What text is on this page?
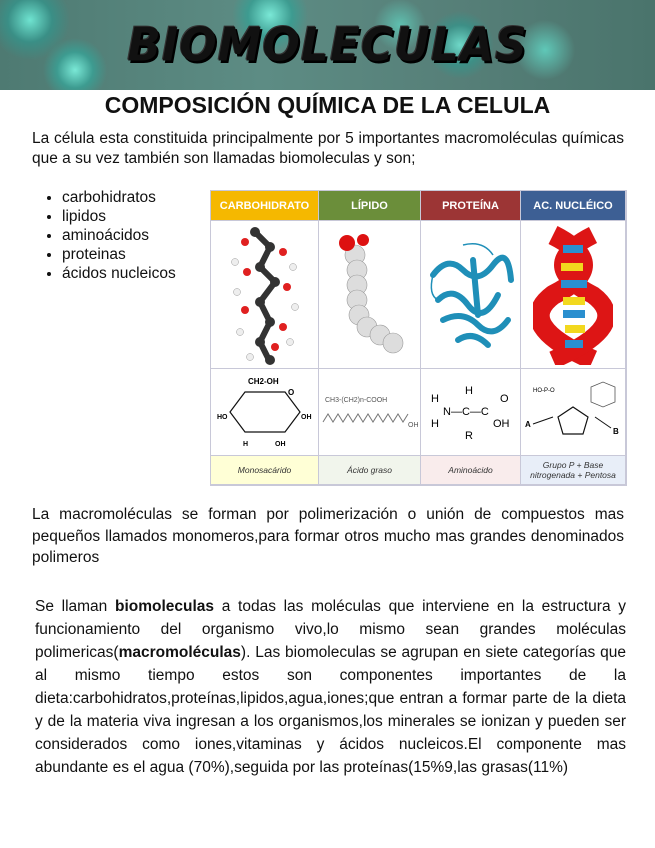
BIOMOLECULAS
COMPOSICIÓN QUÍMICA DE LA CELULA
La célula esta constituida principalmente por 5 importantes macromoléculas químicas que a su vez también son llamadas biomoleculas y son;
• carbohidratos
• lipidos
• aminoácidos
• proteinas
• ácidos nucleicos
CARBOHIDRATO	LÍPIDO	PROTEÍNA	AC. NUCLÉICO
CH2-OH
O
HO	OH
OH
H
CH3-(CH2)n-COOH
OH
H
H
N—C—C
H
O
OH
R
HO-P-O
A
B
Monosacárido	Ácido graso	Aminoácido	Grupo P + Base nitrogenada + Pentosa
La macromoléculas se forman por polimerización o unión de compuestos mas pequeños llamados monomeros,para formar otros mucho mas grandes denominados polimeros
Se llaman biomoleculas a todas las moléculas que interviene en la estructura y funcionamiento del organismo vivo,lo mismo sean grandes moléculas polimericas(macromoléculas). Las biomoleculas se agrupan en siete categorías que al mismo tiempo estos son componentes importantes de la dieta:carbohidratos,proteínas,lipidos,agua,iones;que entran a formar parte de la dieta y de la materia viva ingresan a los organismos,los minerales se ionizan y pueden ser considerados como iones,vitaminas y ácidos nucleicos.El componente mas abundante es el agua (70%),seguida por las proteínas(15%9,las grasas(11%)
